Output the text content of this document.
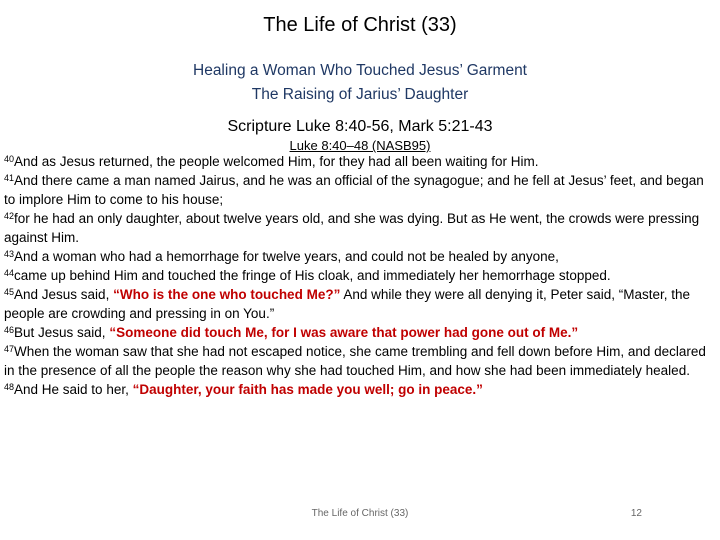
The Life of Christ (33)
Healing a Woman Who Touched Jesus’ Garment
The Raising of Jarius’ Daughter
Scripture Luke 8:40-56, Mark 5:21-43
Luke 8:40–48 (NASB95)

$^{40}$And as Jesus returned, the people welcomed Him, for they had all been waiting for Him.

$^{41}$And there came a man named Jairus, and he was an official of the synagogue; and he fell at Jesus’ feet, and began to implore Him to come to his house;

$^{42}$for he had an only daughter, about twelve years old, and she was dying. But as He went, the crowds were pressing against Him.

$^{43}$And a woman who had a hemorrhage for twelve years, and could not be healed by anyone,

$^{44}$came up behind Him and touched the fringe of His cloak, and immediately her hemorrhage stopped.

$^{45}$And Jesus said, “Who is the one who touched Me?” And while they were all denying it, Peter said, “Master, the people are crowding and pressing in on You.”

$^{46}$But Jesus said, “Someone did touch Me, for I was aware that power had gone out of Me.”

$^{47}$When the woman saw that she had not escaped notice, she came trembling and fell down before Him, and declared in the presence of all the people the reason why she had touched Him, and how she had been immediately healed.

$^{48}$And He said to her, “Daughter, your faith has made you well; go in peace.”

The Life of Christ (33)	12
